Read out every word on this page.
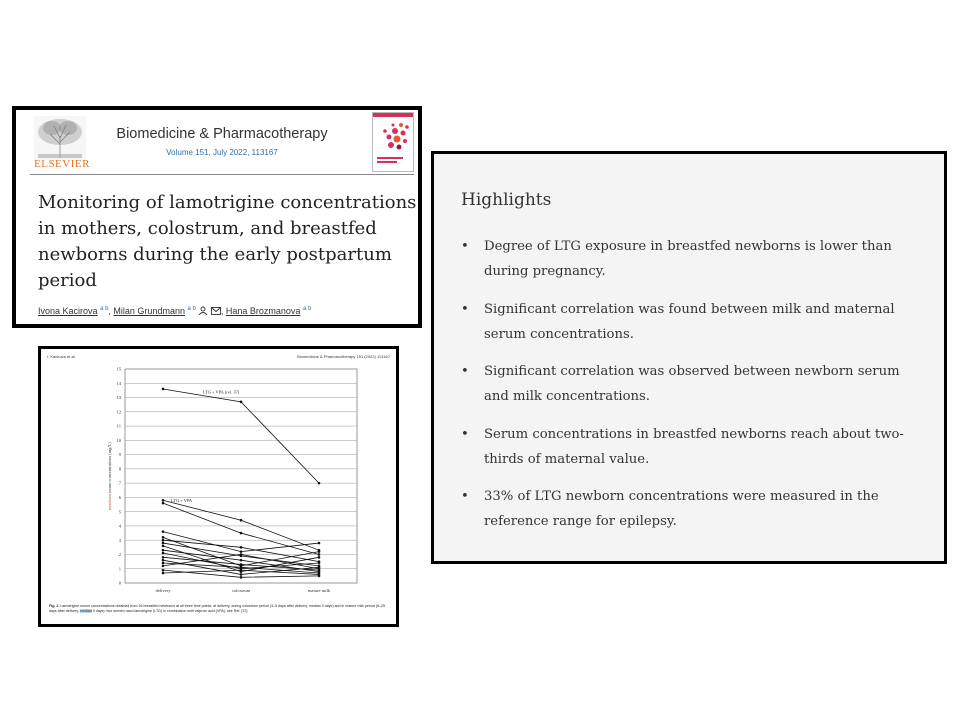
ELSEVIER
Biomedicine & Pharmacotherapy
Volume 151, July 2022, 113167
Monitoring of lamotrigine concentrations in mothers, colostrum, and breastfed newborns during the early postpartum period
Ivona Kacirova $^{a b}$, Milan Grundmann $^{a b}$	, Hana Brozmanova $^{a b}$
I. Kacirova et al.	Biomedicine & Pharmacotherapy 151 (2022) 113167
0
1
2
3
4
5
6
7
8
9
10
11
12
13
14
15
delivery	colostrum	mature milk
newborn serum concentrations (mg/L)
LTG + VPA [ref. 37]
LTG + VPA
Fig. 2. Lamotrigine serum concentrations obtained from 16 breastfed newborns at all three time points: at delivery, during colostrum period (3–5 days after delivery, median 3 days) and in mature milk period (6–25 days after delivery, median 9 days); two women used lamotrigine (LTG) in combination with valproic acid (VPA), see Ref. [37].
Highlights
• Degree of LTG exposure in breastfed newborns is lower than during pregnancy.
• Significant correlation was found between milk and maternal serum concentrations.
• Significant correlation was observed between newborn serum and milk concentrations.
• Serum concentrations in breastfed newborns reach about two-thirds of maternal value.
• 33% of LTG newborn concentrations were measured in the reference range for epilepsy.
